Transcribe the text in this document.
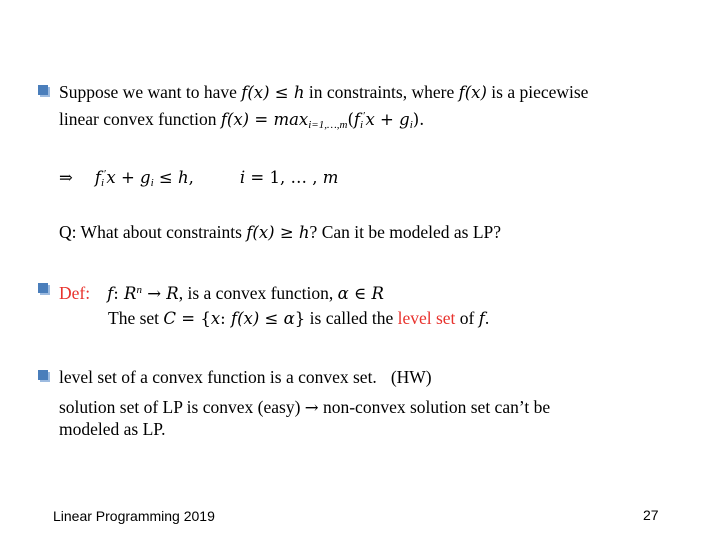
Suppose we want to have f(x) ≤ h in constraints, where f(x) is a piecewise
linear convex function $f(x) = \max_{i=1,\dots,m}(f_i'x + g_i)$.
⇒ $f_i'x + g_i \le h$,	i = 1, … , m
Q: What about constraints f(x) ≥ h? Can it be modeled as LP?
Def: f: $R^n \to R$, is a convex function, α ∈ R
The set C = {x: f(x) ≤ α} is called the level set of f.
level set of a convex function is a convex set. (HW)
solution set of LP is convex (easy) → non-convex solution set can’t be
modeled as LP.
Linear Programming 2019	27
